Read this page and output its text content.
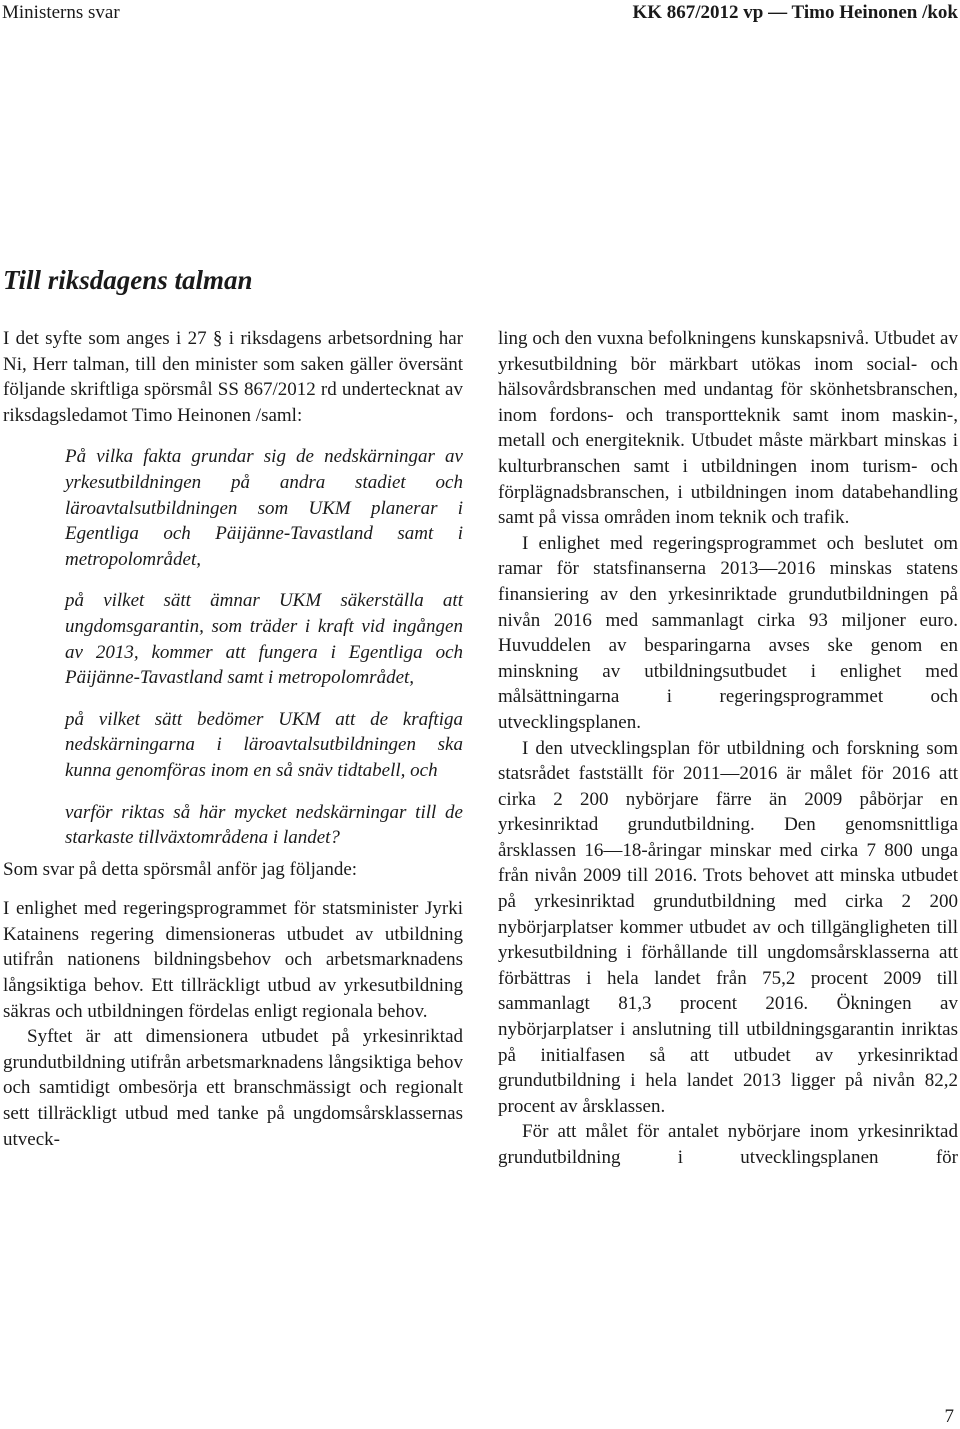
Ministerns svar	KK 867/2012 vp — Timo Heinonen /kok
Till riksdagens talman

I det syfte som anges i 27 § i riksdagens arbetsordning har Ni, Herr talman, till den minister som saken gäller översänt följande skriftliga spörsmål SS 867/2012 rd undertecknat av riksdagsledamot Timo Heinonen /saml:

På vilka fakta grundar sig de nedskärningar av yrkesutbildningen på andra stadiet och läroavtalsutbildningen som UKM planerar i Egentliga och Päijänne-Tavastland samt i metropolområdet,

på vilket sätt ämnar UKM säkerställa att ungdomsgarantin, som träder i kraft vid ingången av 2013, kommer att fungera i Egentliga och Päijänne-Tavastland samt i metropolområdet,

på vilket sätt bedömer UKM att de kraftiga nedskärningarna i läroavtalsutbildningen ska kunna genomföras inom en så snäv tidtabell, och

varför riktas så här mycket nedskärningar till de starkaste tillväxtområdena i landet?

Som svar på detta spörsmål anför jag följande:

I enlighet med regeringsprogrammet för statsminister Jyrki Katainens regering dimensioneras utbudet av utbildning utifrån nationens bildningsbehov och arbetsmarknadens långsiktiga behov. Ett tillräckligt utbud av yrkesutbildning säkras och utbildningen fördelas enligt regionala behov.

Syftet är att dimensionera utbudet på yrkesinriktad grundutbildning utifrån arbetsmarknadens långsiktiga behov och samtidigt ombesörja ett branschmässigt och regionalt sett tillräckligt utbud med tanke på ungdomsårsklassernas utveck-

ling och den vuxna befolkningens kunskapsnivå. Utbudet av yrkesutbildning bör märkbart utökas inom social- och hälsovårdsbranschen med undantag för skönhetsbranschen, inom fordons- och transportteknik samt inom maskin-, metall och energiteknik. Utbudet måste märkbart minskas i kulturbranschen samt i utbildningen inom turism- och förplägnadsbranschen, i utbildningen inom databehandling samt på vissa områden inom teknik och trafik.

I enlighet med regeringsprogrammet och beslutet om ramar för statsfinanserna 2013—2016 minskas statens finansiering av den yrkesinriktade grundutbildningen på nivån 2016 med sammanlagt cirka 93 miljoner euro. Huvuddelen av besparingarna avses ske genom en minskning av utbildningsutbudet i enlighet med målsättningarna i regeringsprogrammet och utvecklingsplanen.

I den utvecklingsplan för utbildning och forskning som statsrådet fastställt för 2011—2016 är målet för 2016 att cirka 2 200 nybörjare färre än 2009 påbörjar en yrkesinriktad grundutbildning. Den genomsnittliga årsklassen 16—18-åringar minskar med cirka 7 800 unga från nivån 2009 till 2016. Trots behovet att minska utbudet på yrkesinriktad grundutbildning med cirka 2 200 nybörjarplatser kommer utbudet av och tillgängligheten till yrkesutbildning i förhållande till ungdomsårsklasserna att förbättras i hela landet från 75,2 procent 2009 till sammanlagt 81,3 procent 2016. Ökningen av nybörjarplatser i anslutning till utbildningsgarantin inriktas på initialfasen så att utbudet av yrkesinriktad grundutbildning i hela landet 2013 ligger på nivån 82,2 procent av årsklassen.

För att målet för antalet nybörjare inom yrkesinriktad grundutbildning i utvecklingsplanen för

7
